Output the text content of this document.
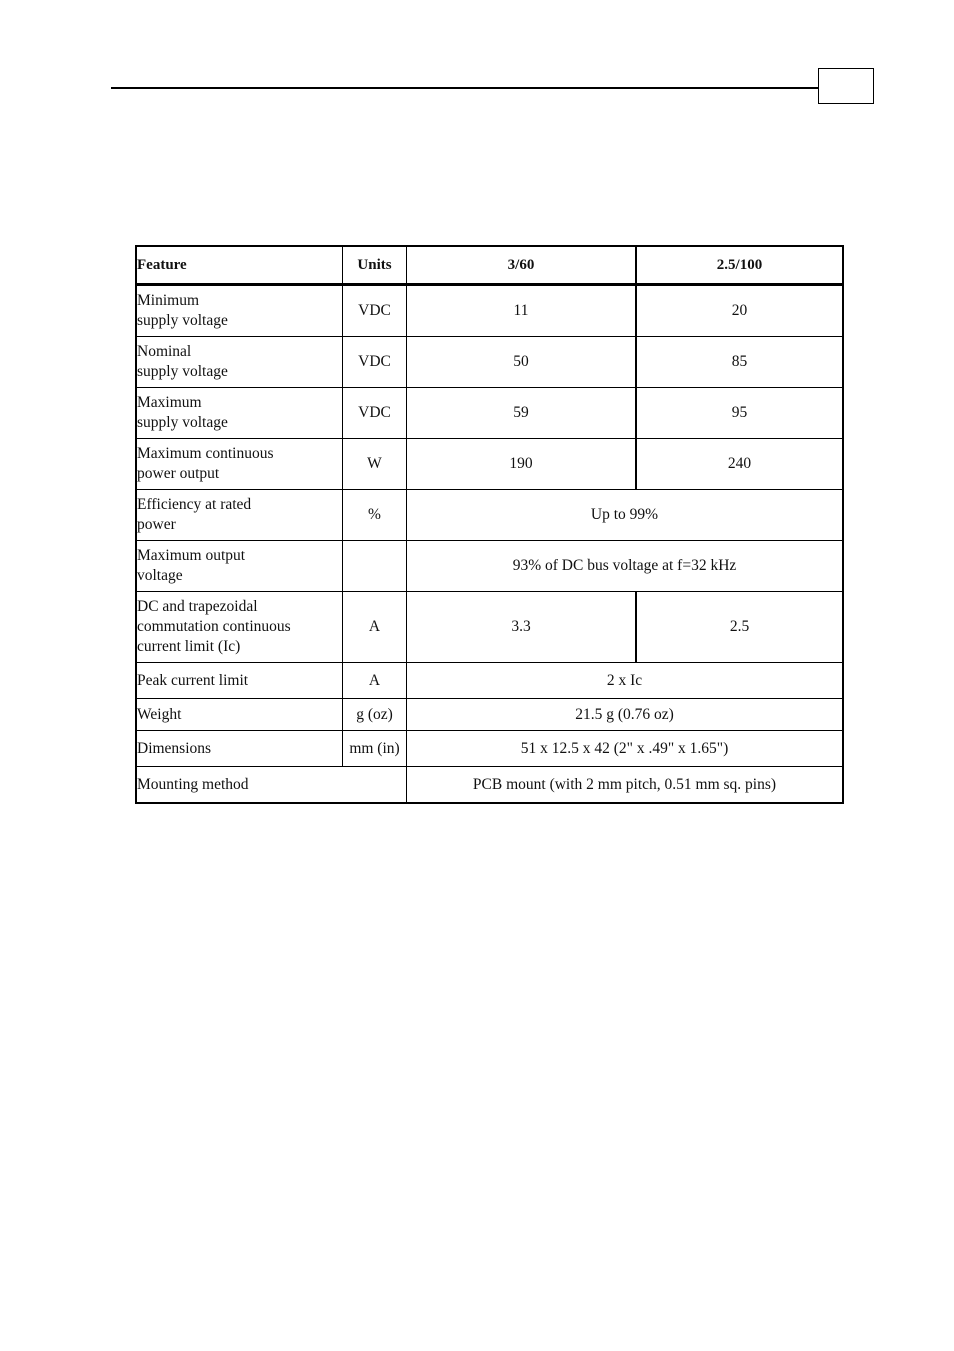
Feature	Units	3/60	2.5/100

Minimum
supply voltage	VDC	11	20

Nominal
supply voltage	VDC	50	85

Maximum
supply voltage	VDC	59	95

Maximum continuous
power output	W	190	240

Efficiency at rated
power	%	Up to 99%	

Maximum output
voltage		93% of DC bus voltage at f=32 kHz	

DC and trapezoidal
commutation continuous
current limit (Ic)	A	3.3	2.5

Peak current limit	A	2 x Ic	

Weight	g (oz)	21.5 g (0.76 oz)	

Dimensions	mm (in)	51 x 12.5 x 42 (2" x .49" x 1.65")	

Mounting method		PCB mount (with 2 mm pitch, 0.51 mm sq. pins)	
